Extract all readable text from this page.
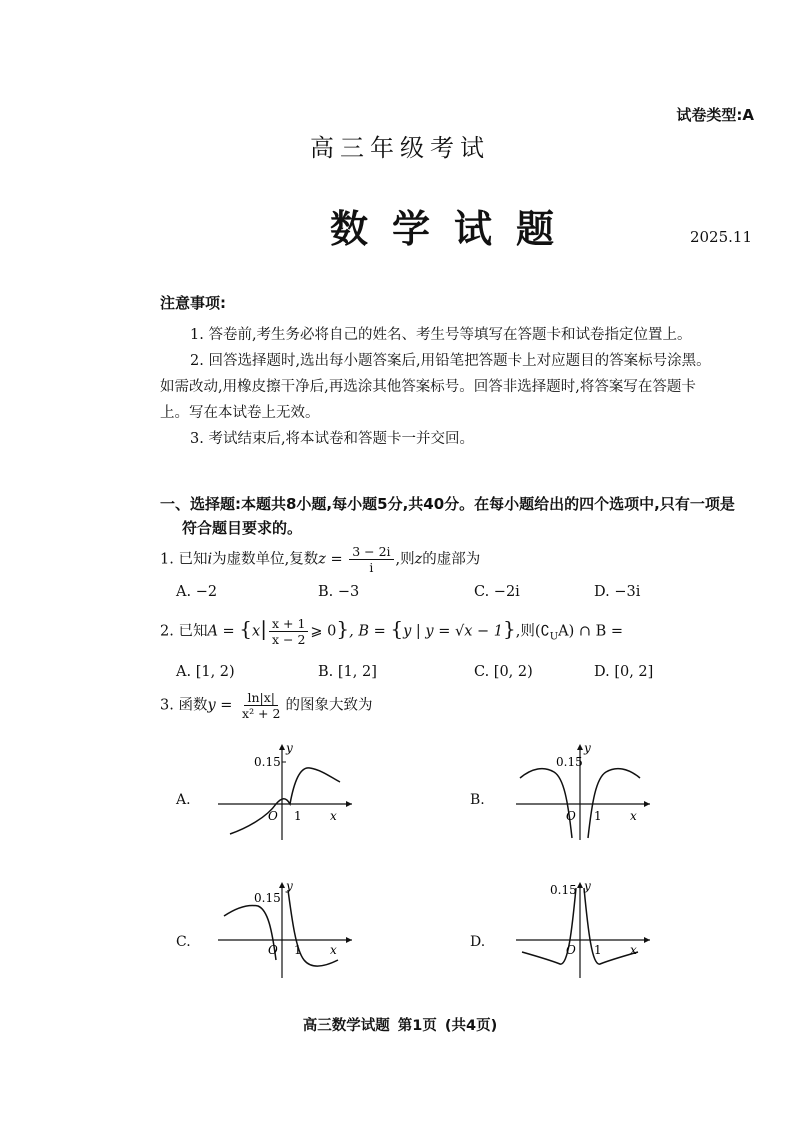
试卷类型:A
高三年级考试
数学试题	2025.11
注意事项:
1. 答卷前,考生务必将自己的姓名、考生号等填写在答题卡和试卷指定位置上。
2. 回答选择题时,选出每小题答案后,用铅笔把答题卡上对应题目的答案标号涂黑。
如需改动,用橡皮擦干净后,再选涂其他答案标号。回答非选择题时,将答案写在答题卡
上。写在本试卷上无效。
3. 考试结束后,将本试卷和答题卡一并交回。
一、选择题:本题共8小题,每小题5分,共40分。在每小题给出的四个选项中,只有一项是
符合题目要求的。
1. 已知i为虚数单位,复数$z = \frac{3 - 2i}{i}$ ,则z的虚部为
A. −2	B. −3	C. −2i	D. −3i
2. 已知$A = \{x| \frac{x + 1}{x - 2}$ ⩾ 0}, B = {y | y = √x − 1},则$(∁_UA)$ ∩ B =
A. [1, 2)	B. [1, 2]	C. [0, 2)	D. [0, 2]
3. 函数$y = \frac{\ln|x|}{\text{x² + 2}}$ 的图象大致为
A.
0.15
y
O 1 x
B.
0.15
y
O 1 x
C.
0.15
y
O 1 x	D.
0.15 y
O 1 x
高三数学试题 第1页 (共4页)
